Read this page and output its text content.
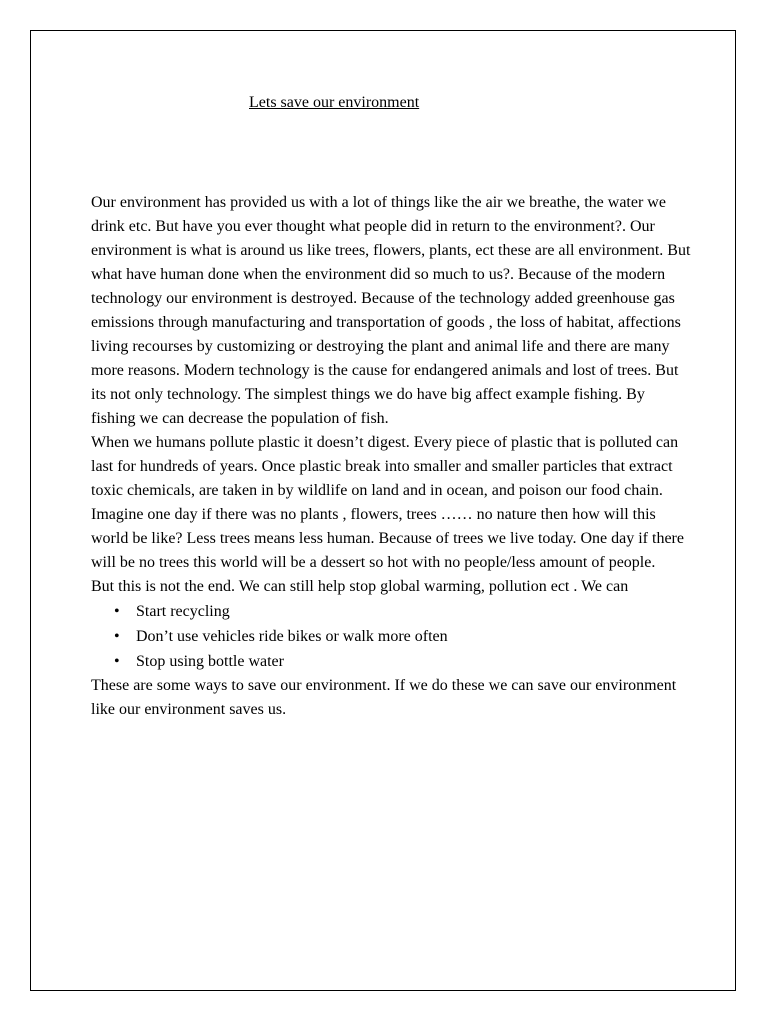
Lets save our environment

Our environment has provided us with a lot of things like the air we breathe, the water we drink etc. But have you ever thought what people did in return to the environment?. Our environment is what is around us like trees, flowers, plants, ect these are all environment. But what have human done when the environment did so much to us?. Because of the modern technology our environment is destroyed. Because of the technology added greenhouse gas emissions through manufacturing and transportation of goods , the loss of habitat, affections living recourses by customizing or destroying the plant and animal life and there are many more reasons. Modern technology is the cause for endangered animals and lost of trees. But its not only technology. The simplest things we do have big affect example fishing. By fishing we can decrease the population of fish.

When we humans pollute plastic it doesn’t digest. Every piece of plastic that is polluted can last for hundreds of years. Once plastic break into smaller and smaller particles that extract toxic chemicals, are taken in by wildlife on land and in ocean, and poison our food chain. Imagine one day if there was no plants , flowers, trees …… no nature then how will this world be like? Less trees means less human. Because of trees we live today. One day if there will be no trees this world will be a dessert so hot with no people/less amount of people.

But this is not the end. We can still help stop global warming, pollution ect . We can

• Start recycling
• Don’t use vehicles ride bikes or walk more often
• Stop using bottle water

These are some ways to save our environment. If we do these we can save our environment like our environment saves us.
